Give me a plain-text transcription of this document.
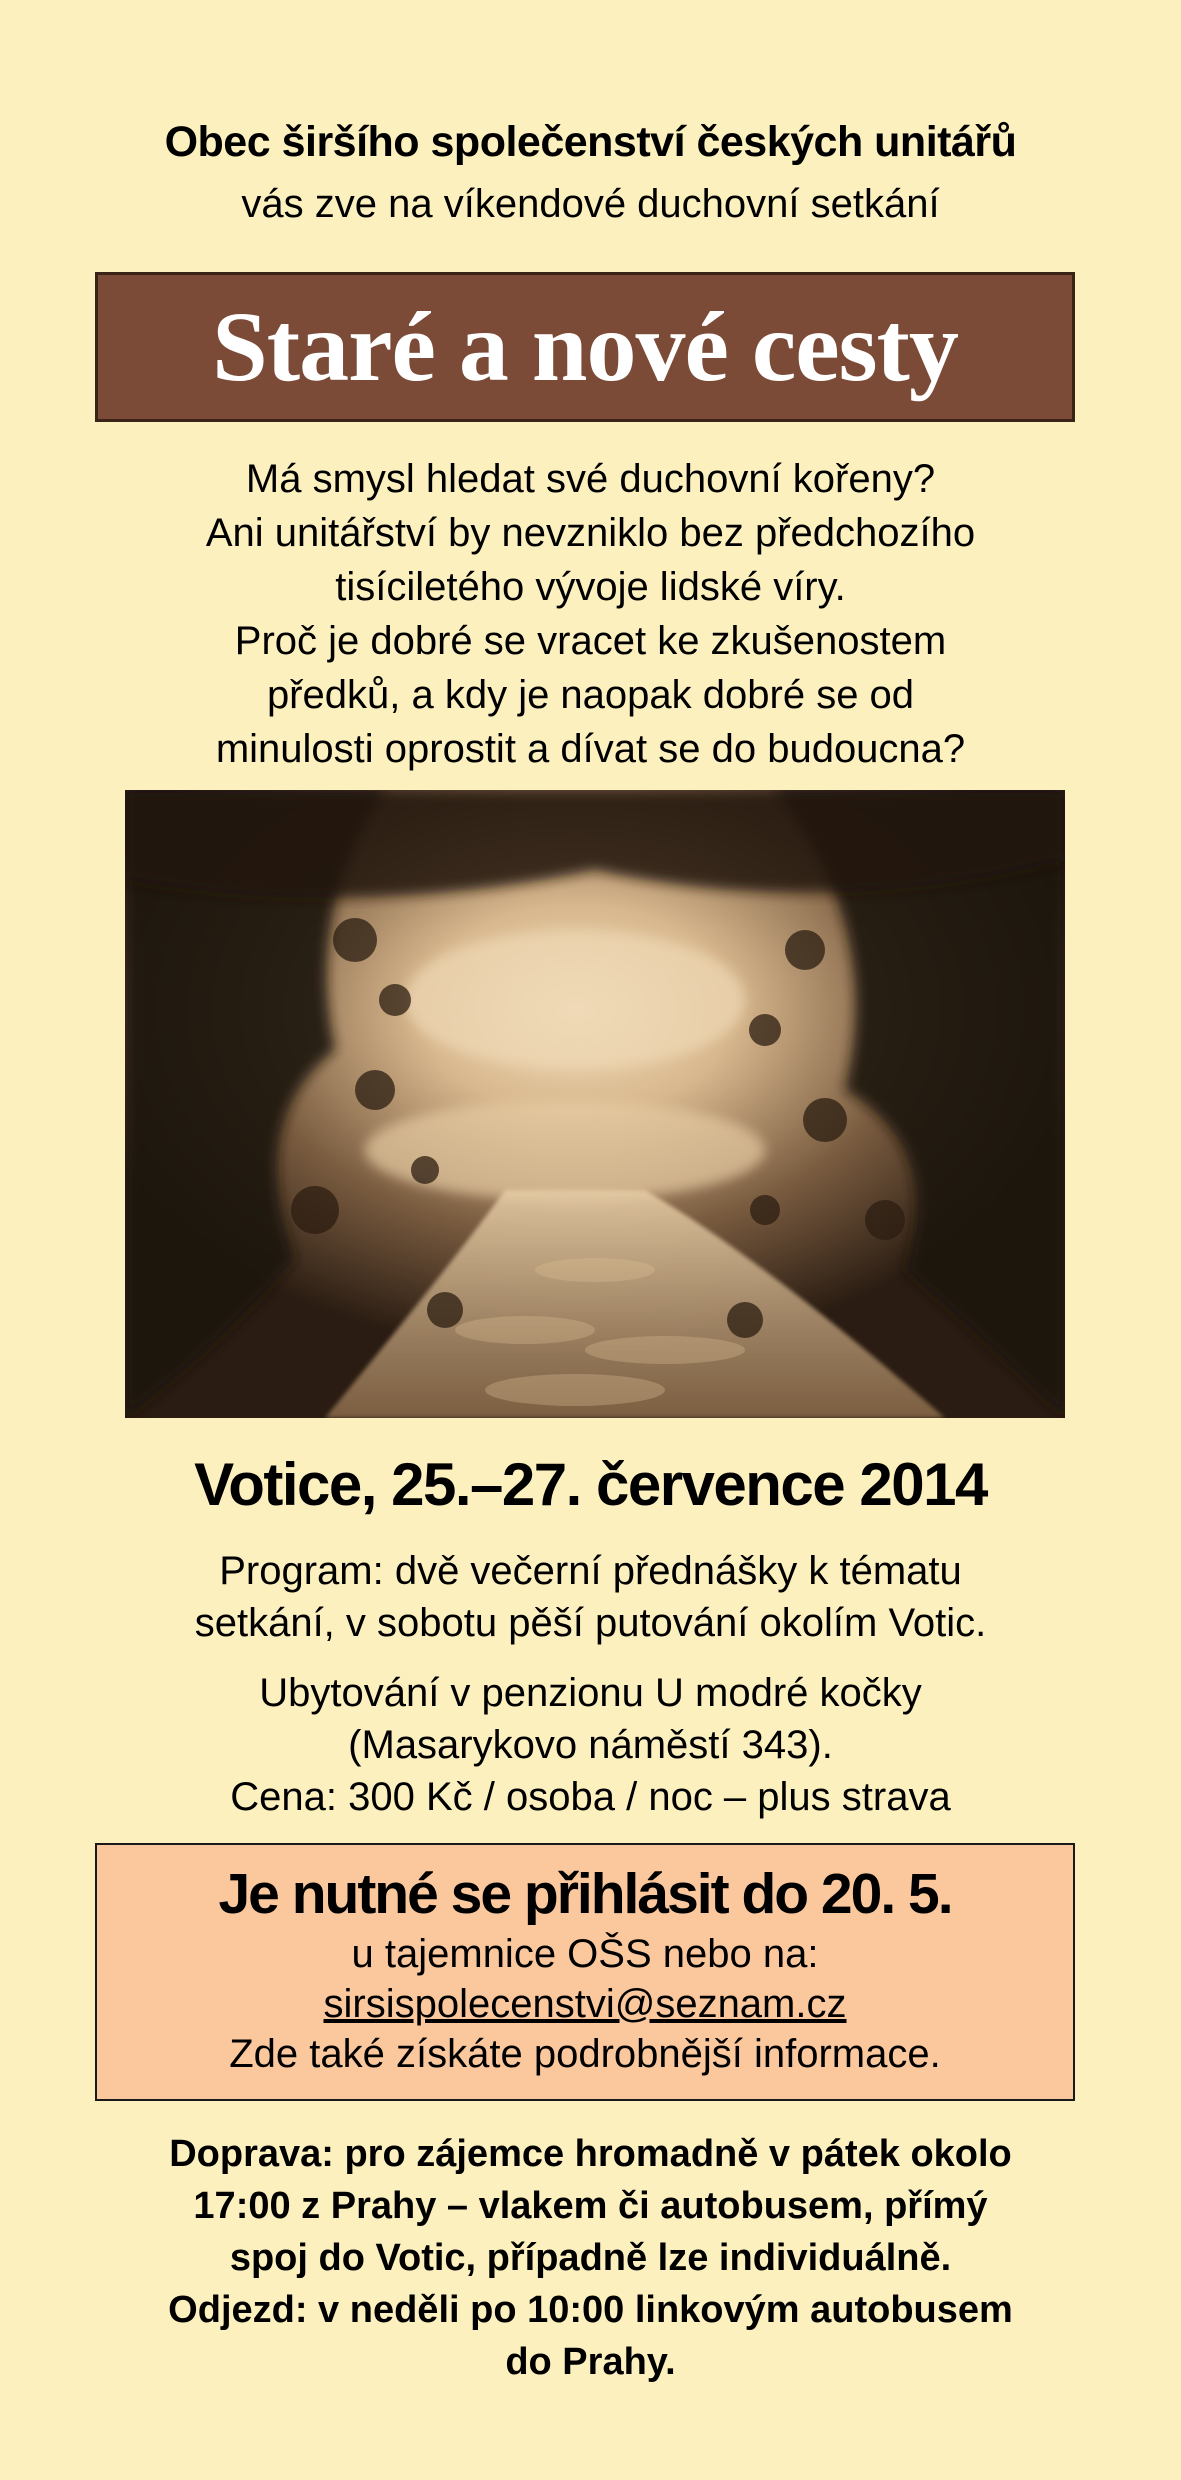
Obec širšího společenství českých unitářů
vás zve na víkendové duchovní setkání
Staré a nové cesty
Má smysl hledat své duchovní kořeny?
Ani unitářství by nevzniklo bez předchozího
tisíciletého vývoje lidské víry.
Proč je dobré se vracet ke zkušenostem
předků, a kdy je naopak dobré se od
minulosti oprostit a dívat se do budoucna?
Votice, 25.–27. července 2014
Program: dvě večerní přednášky k tématu
setkání, v sobotu pěší putování okolím Votic.
Ubytování v penzionu U modré kočky
(Masarykovo náměstí 343).
Cena: 300 Kč / osoba / noc – plus strava
Je nutné se přihlásit do 20. 5.
u tajemnice OŠS nebo na:
sirsispolecenstvi@seznam.cz
Zde také získáte podrobnější informace.
Doprava: pro zájemce hromadně v pátek okolo
17:00 z Prahy – vlakem či autobusem, přímý
spoj do Votic, případně lze individuálně.
Odjezd: v neděli po 10:00 linkovým autobusem
do Prahy.
